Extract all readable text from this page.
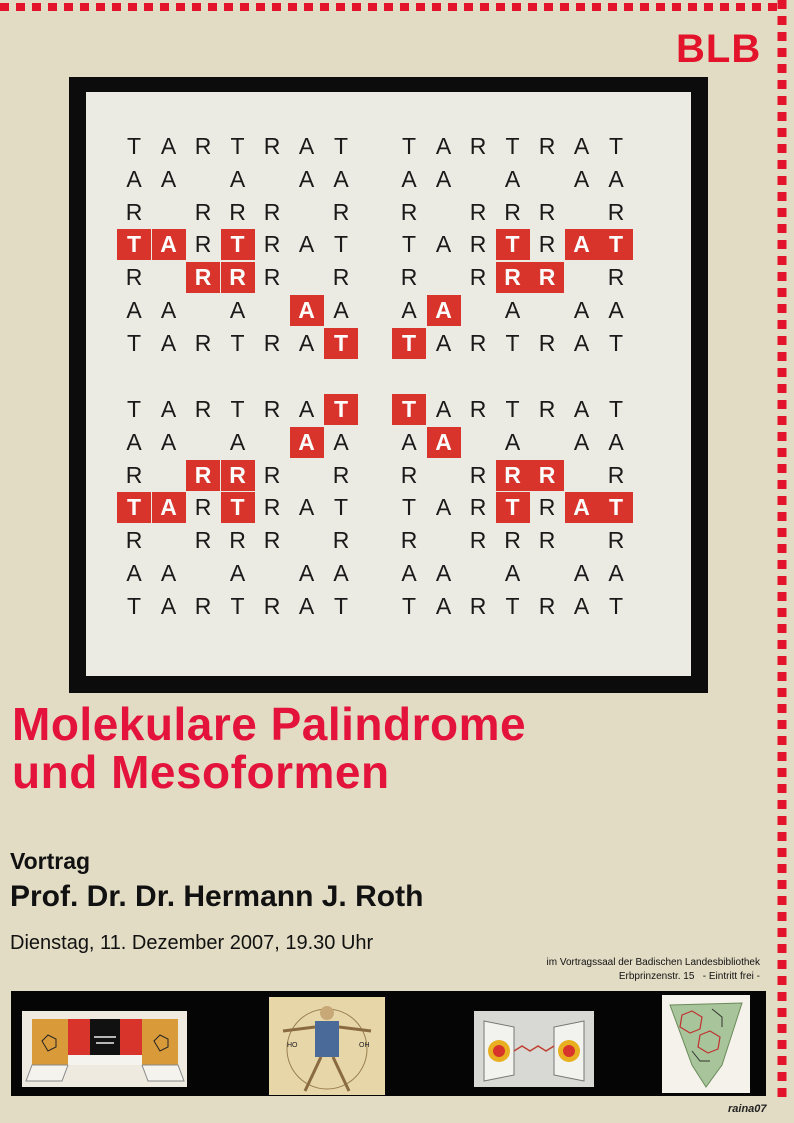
BLB
T A R T R A T
A A	A	A A
R	R R R	R
T A R T R A T
R	R R R	R
A A	A	A A
T A R T R A T
T A R T R A T
A A	A	A A
R	R R R	R
T A R T R A T
R	R R R	R
A A	A	A A
T A R T R A T
T A R T R A T
A A	A	A A
R	R R R	R
T A R T R A T
R	R R R	R
A A	A	A A
T A R T R A T
T A R T R A T
A A	A	A A
R	R R R	R
T A R T R A T
R	R R R	R
A A	A	A A
T A R T R A T
Molekulare Palindrome
und Mesoformen
Vortrag
Prof. Dr. Dr. Hermann J. Roth
Dienstag, 11. Dezember 2007, 19.30 Uhr
im Vortragssaal der Badischen Landesbibliothek
Erbprinzenstr. 15   - Eintritt frei -
HO	OH
raina07
